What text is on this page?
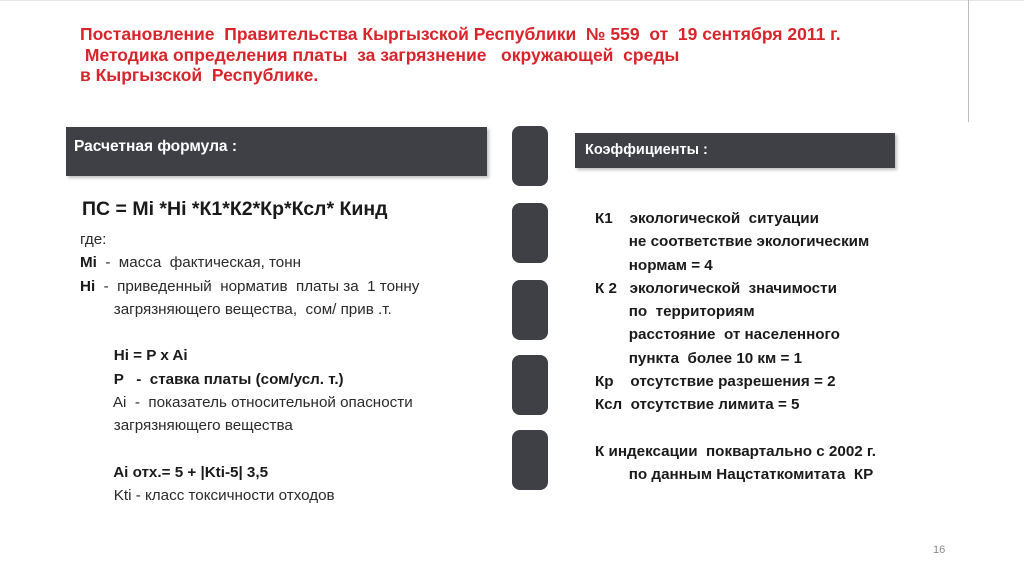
Постановление  Правительства Кыргызской Республики  № 559  от  19 сентября 2011 г.
Методика определения платы  за загрязнение   окружающей  среды
в Кыргызской  Республике.
Расчетная формула :	Коэффициенты :
ПС = Mi *Hi *К1*К2*Кр*Ксл* Кинд
где:
Mi  -  масса  фактическая, тонн
Hi  -  приведенный  норматив  платы за  1 тонну
загрязняющего вещества,  сом/ прив .т.
Hi = P x Ai
P   -  ставка платы (сом/усл. т.)
Ai  -  показатель относительной опасности
загрязняющего вещества
Ai отх.= 5 + |Kti-5| 3,5
Kti - класс токсичности отходов
К1    экологической  ситуации
не соответствие экологическим
нормам = 4
К 2   экологической  значимости
по  территориям
расстояние  от населенного
пункта  более 10 км = 1
Кр    отсутствие разрешения = 2
Ксл  отсутствие лимита = 5
К индексации  поквартально с 2002 г.
по данным Нацстаткомитата  КР
16
